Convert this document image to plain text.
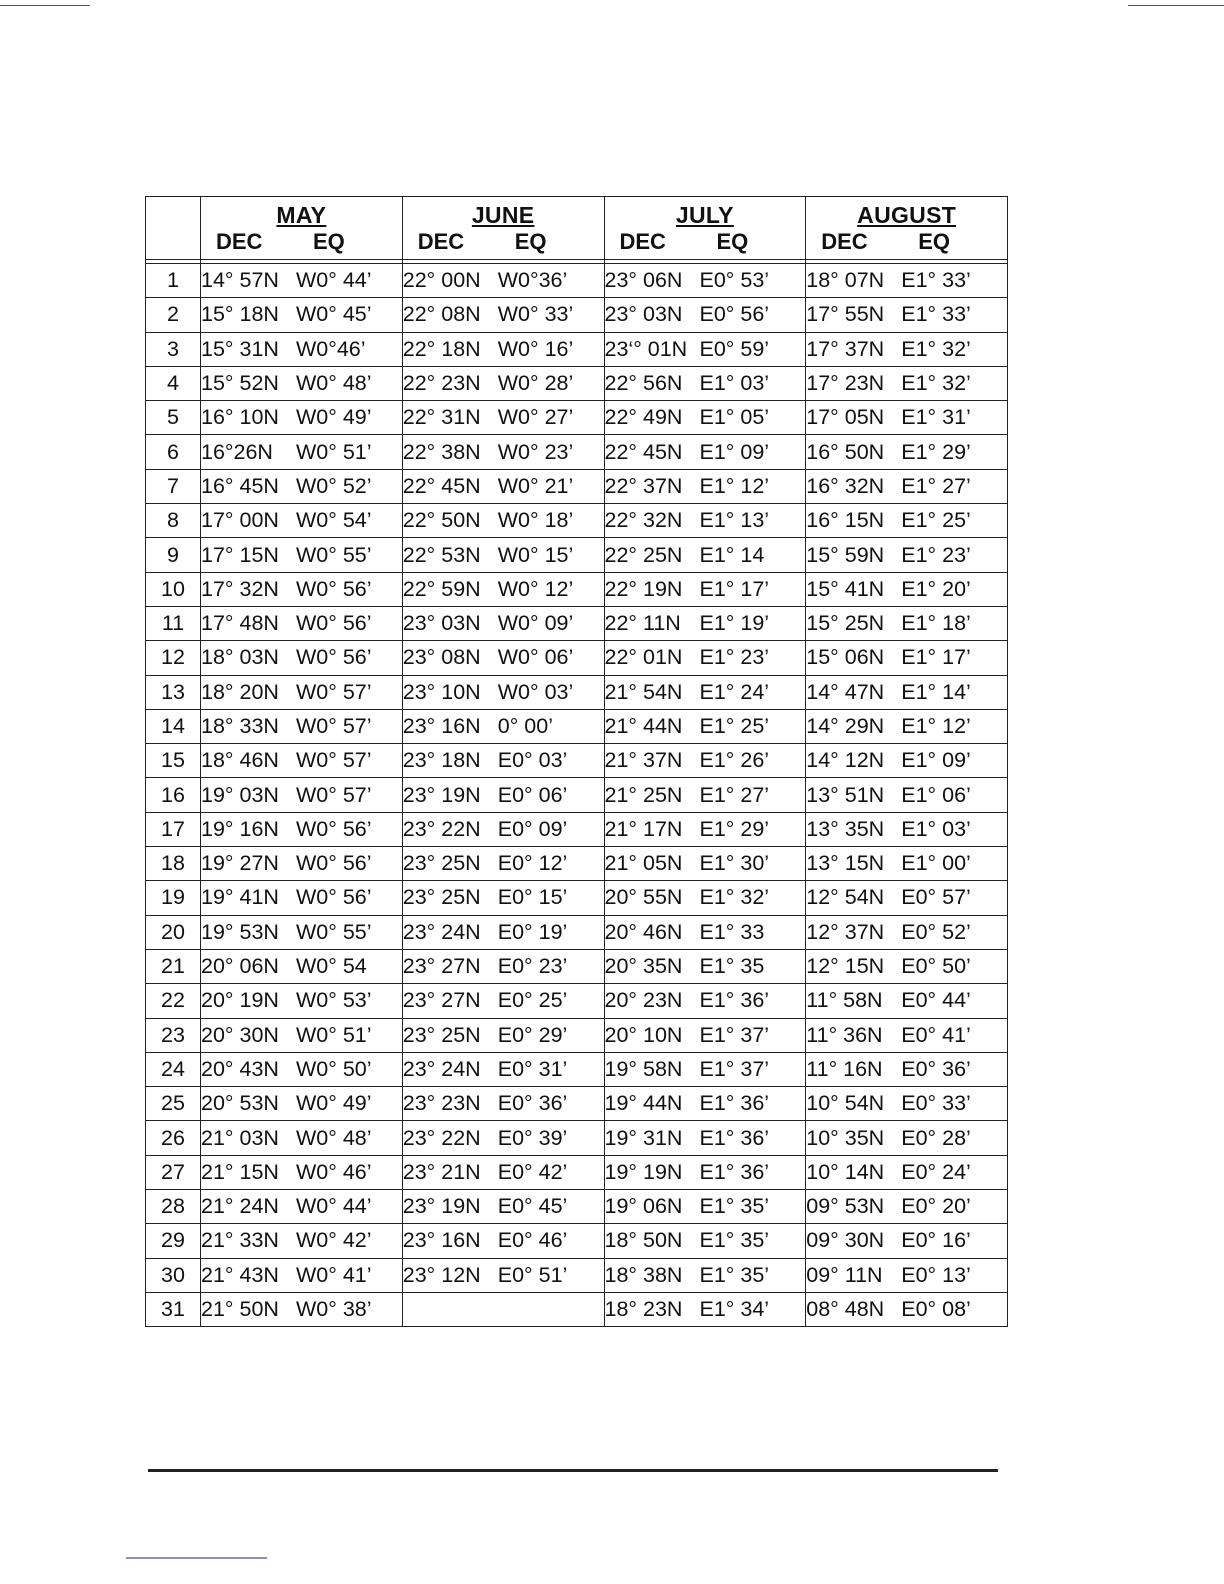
	MAY
DEC EQ	JUNE
DEC EQ	JULY
DEC EQ	AUGUST
DEC EQ

1	14° 57N W0° 44’	22° 00N W0°36’	23° 06N E0° 53’	18° 07N E1° 33’
2	15° 18N W0° 45’	22° 08N W0° 33’	23° 03N E0° 56’	17° 55N E1° 33’
3	15° 31N W0°46’	22° 18N W0° 16’	23‘° 01N E0° 59’	17° 37N E1° 32’
4	15° 52N W0° 48’	22° 23N W0° 28’	22° 56N E1° 03’	17° 23N E1° 32’
5	16° 10N W0° 49’	22° 31N W0° 27’	22° 49N E1° 05’	17° 05N E1° 31’
6	16°26N W0° 51’	22° 38N W0° 23’	22° 45N E1° 09’	16° 50N E1° 29’
7	16° 45N W0° 52’	22° 45N W0° 21’	22° 37N E1° 12’	16° 32N E1° 27’
8	17° 00N W0° 54’	22° 50N W0° 18’	22° 32N E1° 13’	16° 15N E1° 25’
9	17° 15N W0° 55’	22° 53N W0° 15’	22° 25N E1° 14	15° 59N E1° 23’
10	17° 32N W0° 56’	22° 59N W0° 12’	22° 19N E1° 17’	15° 41N E1° 20’
11	17° 48N W0° 56’	23° 03N W0° 09’	22° 11N E1° 19’	15° 25N E1° 18’
12	18° 03N W0° 56’	23° 08N W0° 06’	22° 01N E1° 23’	15° 06N E1° 17’
13	18° 20N W0° 57’	23° 10N W0° 03’	21° 54N E1° 24’	14° 47N E1° 14’
14	18° 33N W0° 57’	23° 16N 0° 00’	21° 44N E1° 25’	14° 29N E1° 12’
15	18° 46N W0° 57’	23° 18N E0° 03’	21° 37N E1° 26’	14° 12N E1° 09’
16	19° 03N W0° 57’	23° 19N E0° 06’	21° 25N E1° 27’	13° 51N E1° 06’
17	19° 16N W0° 56’	23° 22N E0° 09’	21° 17N E1° 29’	13° 35N E1° 03’
18	19° 27N W0° 56’	23° 25N E0° 12’	21° 05N E1° 30’	13° 15N E1° 00’
19	19° 41N W0° 56’	23° 25N E0° 15’	20° 55N E1° 32’	12° 54N E0° 57’
20	19° 53N W0° 55’	23° 24N E0° 19’	20° 46N E1° 33	12° 37N E0° 52’
21	20° 06N W0° 54	23° 27N E0° 23’	20° 35N E1° 35	12° 15N E0° 50’
22	20° 19N W0° 53’	23° 27N E0° 25’	20° 23N E1° 36’	11° 58N E0° 44’
23	20° 30N W0° 51’	23° 25N E0° 29’	20° 10N E1° 37’	11° 36N E0° 41’
24	20° 43N W0° 50’	23° 24N E0° 31’	19° 58N E1° 37’	11° 16N E0° 36’
25	20° 53N W0° 49’	23° 23N E0° 36’	19° 44N E1° 36’	10° 54N E0° 33’
26	21° 03N W0° 48’	23° 22N E0° 39’	19° 31N E1° 36’	10° 35N E0° 28’
27	21° 15N W0° 46’	23° 21N E0° 42’	19° 19N E1° 36’	10° 14N E0° 24’
28	21° 24N W0° 44’	23° 19N E0° 45’	19° 06N E1° 35’	09° 53N E0° 20’
29	21° 33N W0° 42’	23° 16N E0° 46’	18° 50N E1° 35’	09° 30N E0° 16’
30	21° 43N W0° 41’	23° 12N E0° 51’	18° 38N E1° 35’	09° 11N E0° 13’
31	21° 50N W0° 38’		18° 23N E1° 34’	08° 48N E0° 08’
